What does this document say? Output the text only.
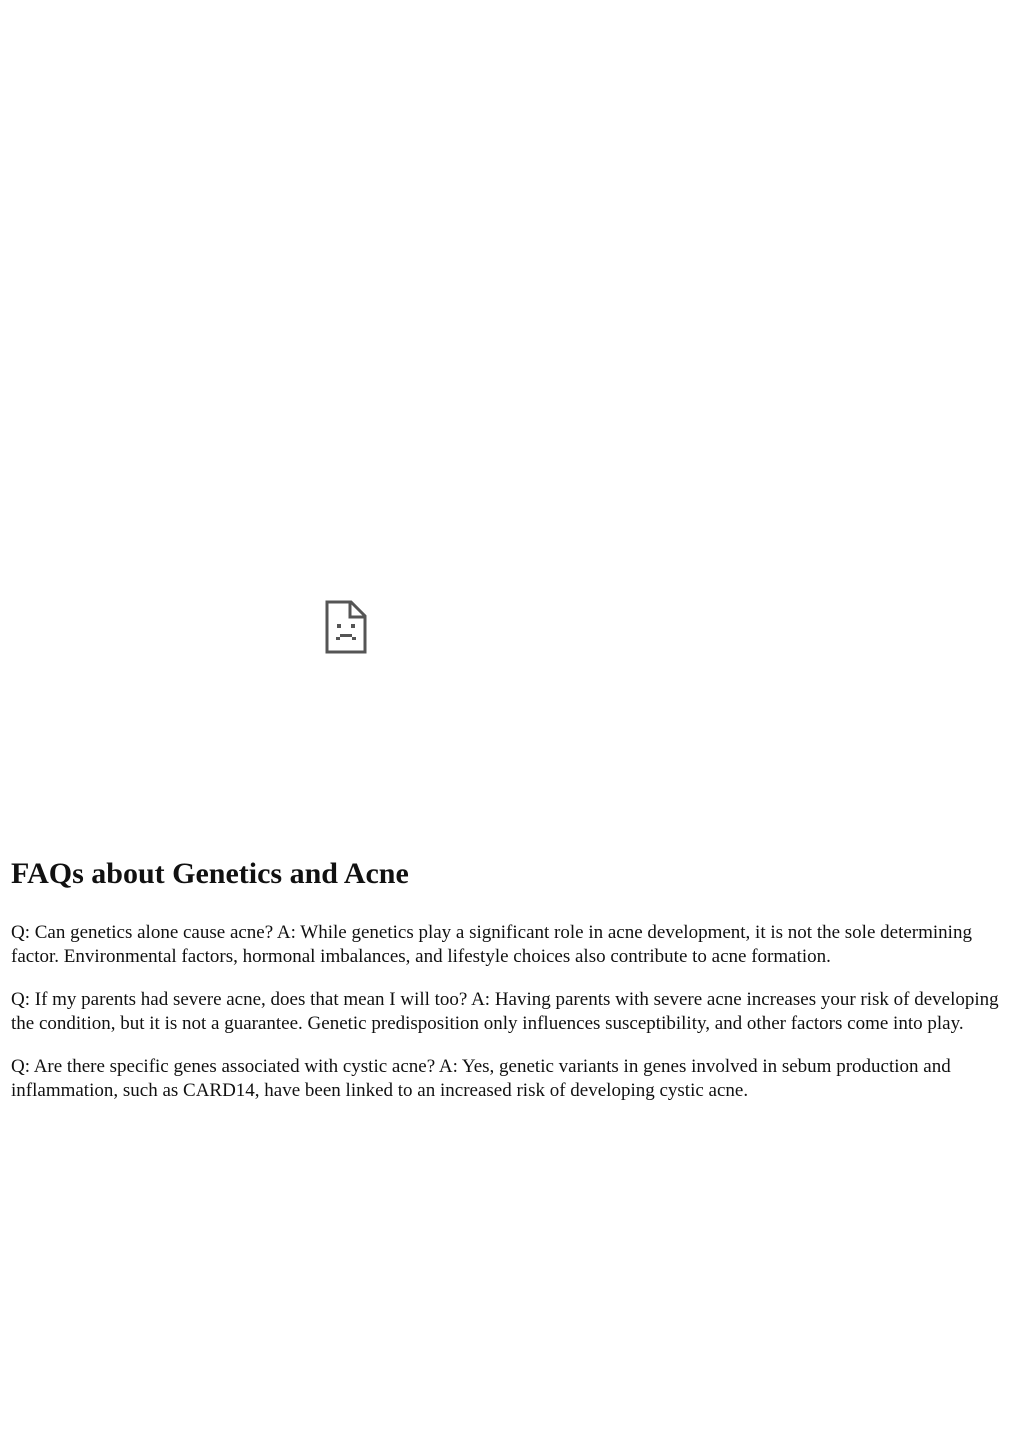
FAQs about Genetics and Acne

Q: Can genetics alone cause acne? A: While genetics play a significant role in acne development, it is not the sole determining factor. Environmental factors, hormonal imbalances, and lifestyle choices also contribute to acne formation.

Q: If my parents had severe acne, does that mean I will too? A: Having parents with severe acne increases your risk of developing the condition, but it is not a guarantee. Genetic predisposition only influences susceptibility, and other factors come into play.

Q: Are there specific genes associated with cystic acne? A: Yes, genetic variants in genes involved in sebum production and inflammation, such as CARD14, have been linked to an increased risk of developing cystic acne.
